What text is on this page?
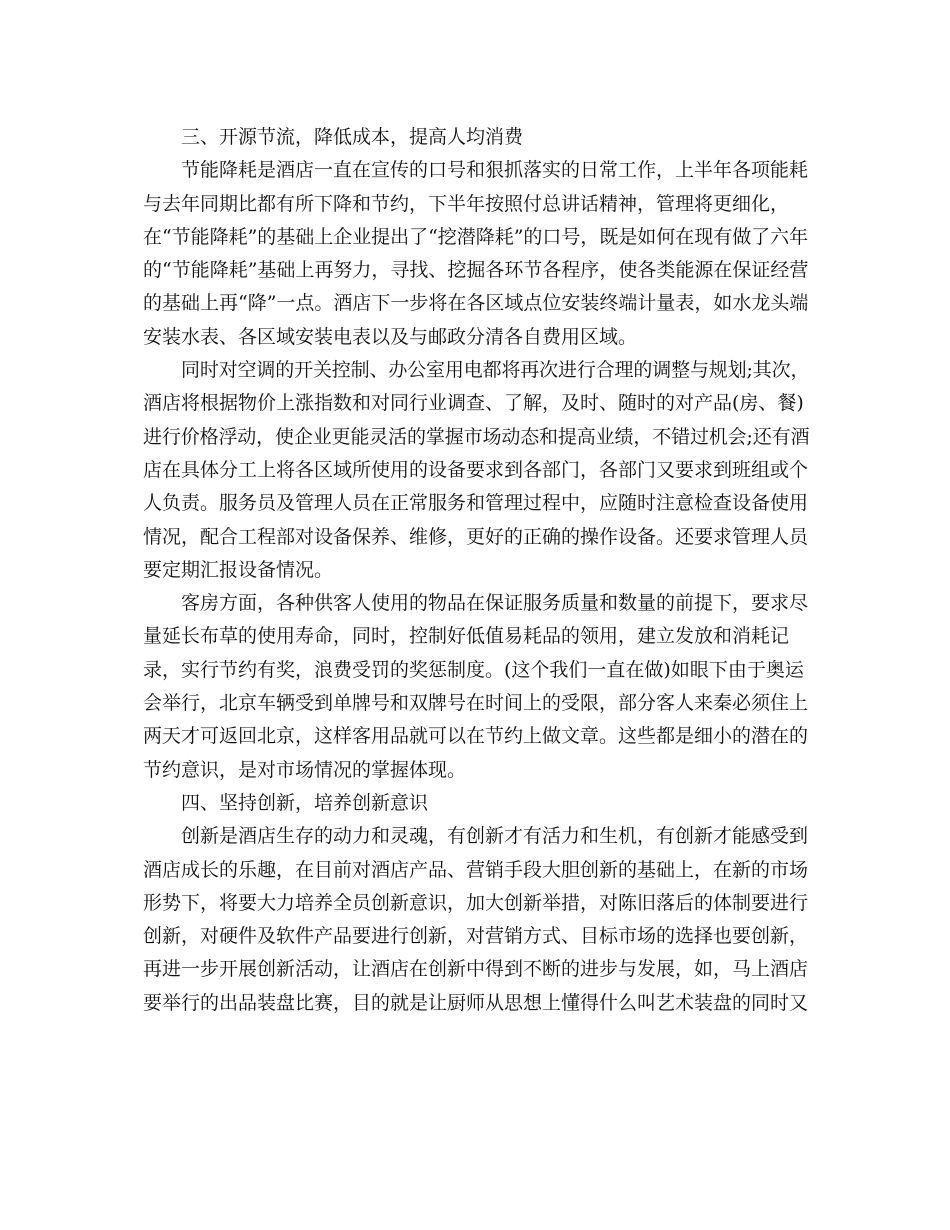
三、开源节流，降低成本，提高人均消费
节能降耗是酒店一直在宣传的口号和狠抓落实的日常工作，上半年各项能耗
与去年同期比都有所下降和节约，下半年按照付总讲话精神，管理将更细化，
在“节能降耗”的基础上企业提出了“挖潜降耗”的口号，既是如何在现有做了六年
的“节能降耗”基础上再努力，寻找、挖掘各环节各程序，使各类能源在保证经营
的基础上再“降”一点。酒店下一步将在各区域点位安装终端计量表，如水龙头端
安装水表、各区域安装电表以及与邮政分清各自费用区域。
同时对空调的开关控制、办公室用电都将再次进行合理的调整与规划;其次，
酒店将根据物价上涨指数和对同行业调查、了解，及时、随时的对产品(房、餐)
进行价格浮动，使企业更能灵活的掌握市场动态和提高业绩，不错过机会;还有酒
店在具体分工上将各区域所使用的设备要求到各部门，各部门又要求到班组或个
人负责。服务员及管理人员在正常服务和管理过程中，应随时注意检查设备使用
情况，配合工程部对设备保养、维修，更好的正确的操作设备。还要求管理人员
要定期汇报设备情况。
客房方面，各种供客人使用的物品在保证服务质量和数量的前提下，要求尽
量延长布草的使用寿命，同时，控制好低值易耗品的领用，建立发放和消耗记
录，实行节约有奖，浪费受罚的奖惩制度。(这个我们一直在做)如眼下由于奥运
会举行，北京车辆受到单牌号和双牌号在时间上的受限，部分客人来秦必须住上
两天才可返回北京，这样客用品就可以在节约上做文章。这些都是细小的潜在的
节约意识，是对市场情况的掌握体现。
四、坚持创新，培养创新意识
创新是酒店生存的动力和灵魂，有创新才有活力和生机，有创新才能感受到
酒店成长的乐趣，在目前对酒店产品、营销手段大胆创新的基础上，在新的市场
形势下，将要大力培养全员创新意识，加大创新举措，对陈旧落后的体制要进行
创新，对硬件及软件产品要进行创新，对营销方式、目标市场的选择也要创新，
再进一步开展创新活动，让酒店在创新中得到不断的进步与发展，如，马上酒店
要举行的出品装盘比赛，目的就是让厨师从思想上懂得什么叫艺术装盘的同时又
